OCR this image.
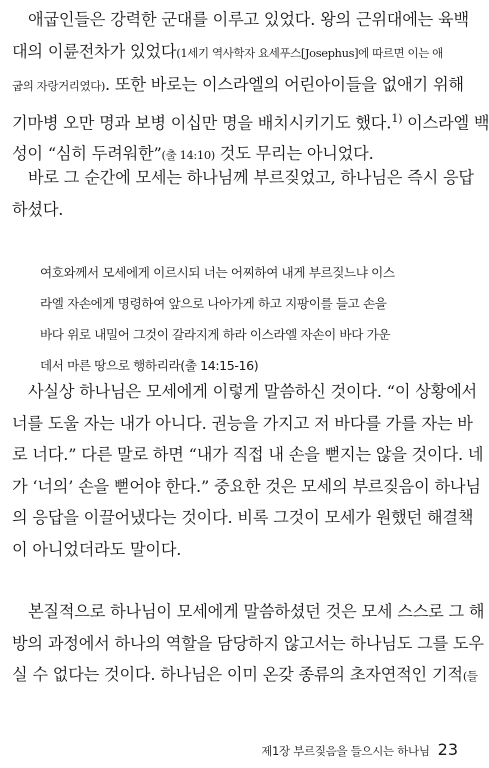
　애굽인들은 강력한 군대를 이루고 있었다. 왕의 근위대에는 육백
대의 이륜전차가 있었다(1세기 역사학자 요세푸스[Josephus]에 따르면 이는 애
굽의 자랑거리였다). 또한 바로는 이스라엘의 어린아이들을 없애기 위해
기마병 오만 명과 보병 이십만 명을 배치시키기도 했다.$^{1)}$ 이스라엘 백
성이 “심히 두려워한”(출 14:10) 것도 무리는 아니었다.
　바로 그 순간에 모세는 하나님께 부르짖었고, 하나님은 즉시 응답
하셨다.
여호와께서 모세에게 이르시되 너는 어찌하여 내게 부르짖느냐 이스
라엘 자손에게 명령하여 앞으로 나아가게 하고 지팡이를 들고 손을
바다 위로 내밀어 그것이 갈라지게 하라 이스라엘 자손이 바다 가운
데서 마른 땅으로 행하리라(출 14:15-16)
　사실상 하나님은 모세에게 이렇게 말씀하신 것이다. “이 상황에서
너를 도울 자는 내가 아니다. 권능을 가지고 저 바다를 가를 자는 바
로 너다.” 다른 말로 하면 “내가 직접 내 손을 뻗지는 않을 것이다. 네
가 ‘너의’ 손을 뻗어야 한다.” 중요한 것은 모세의 부르짖음이 하나님
의 응답을 이끌어냈다는 것이다. 비록 그것이 모세가 원했던 해결책
이 아니었더라도 말이다.
　본질적으로 하나님이 모세에게 말씀하셨던 것은 모세 스스로 그 해
방의 과정에서 하나의 역할을 담당하지 않고서는 하나님도 그를 도우
실 수 없다는 것이다. 하나님은 이미 온갖 종류의 초자연적인 기적(들
제1장 부르짖음을 들으시는 하나님 23
